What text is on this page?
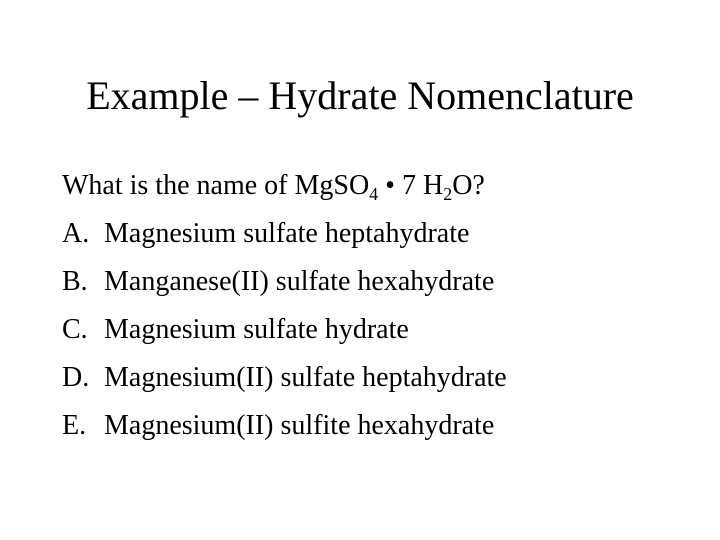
Example – Hydrate Nomenclature
What is the name of MgSO$_4$ • 7 $H_2O$?
A. Magnesium sulfate heptahydrate
B. Manganese(II) sulfate hexahydrate
C. Magnesium sulfate hydrate
D. Magnesium(II) sulfate heptahydrate
E. Magnesium(II) sulfite hexahydrate
